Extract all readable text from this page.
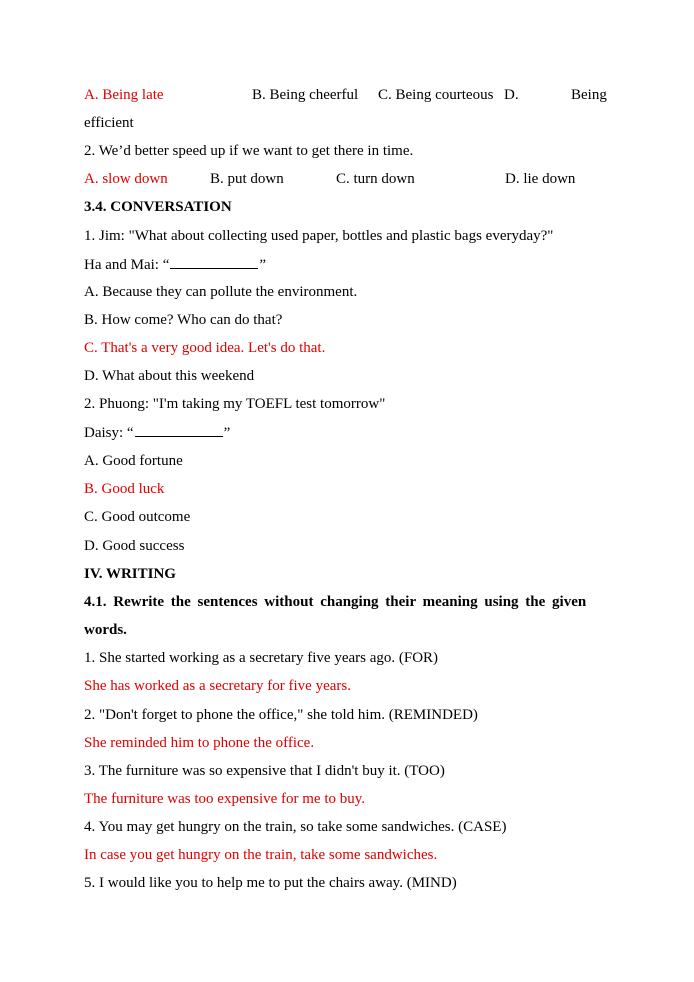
A. Being late	B. Being cheerful C. Being courteous D.	Being
efficient
2. We’d better speed up if we want to get there in time.
A. slow down	B. put down	C. turn down	D. lie down
3.4. CONVERSATION
1. Jim: "What about collecting used paper, bottles and plastic bags everyday?"
Ha and Mai: “	”
A. Because they can pollute the environment.
B. How come? Who can do that?
C. That's a very good idea. Let's do that.
D. What about this weekend
2. Phuong: "I'm taking my TOEFL test tomorrow"
Daisy: “	”
A. Good fortune
B. Good luck
C. Good outcome
D. Good success
IV. WRITING
4.1. Rewrite the sentences without changing their meaning using the given
words.
1. She started working as a secretary five years ago. (FOR)
She has worked as a secretary for five years.
2. "Don't forget to phone the office," she told him. (REMINDED)
She reminded him to phone the office.
3. The furniture was so expensive that I didn't buy it. (TOO)
The furniture was too expensive for me to buy.
4. You may get hungry on the train, so take some sandwiches. (CASE)
In case you get hungry on the train, take some sandwiches.
5. I would like you to help me to put the chairs away. (MIND)
